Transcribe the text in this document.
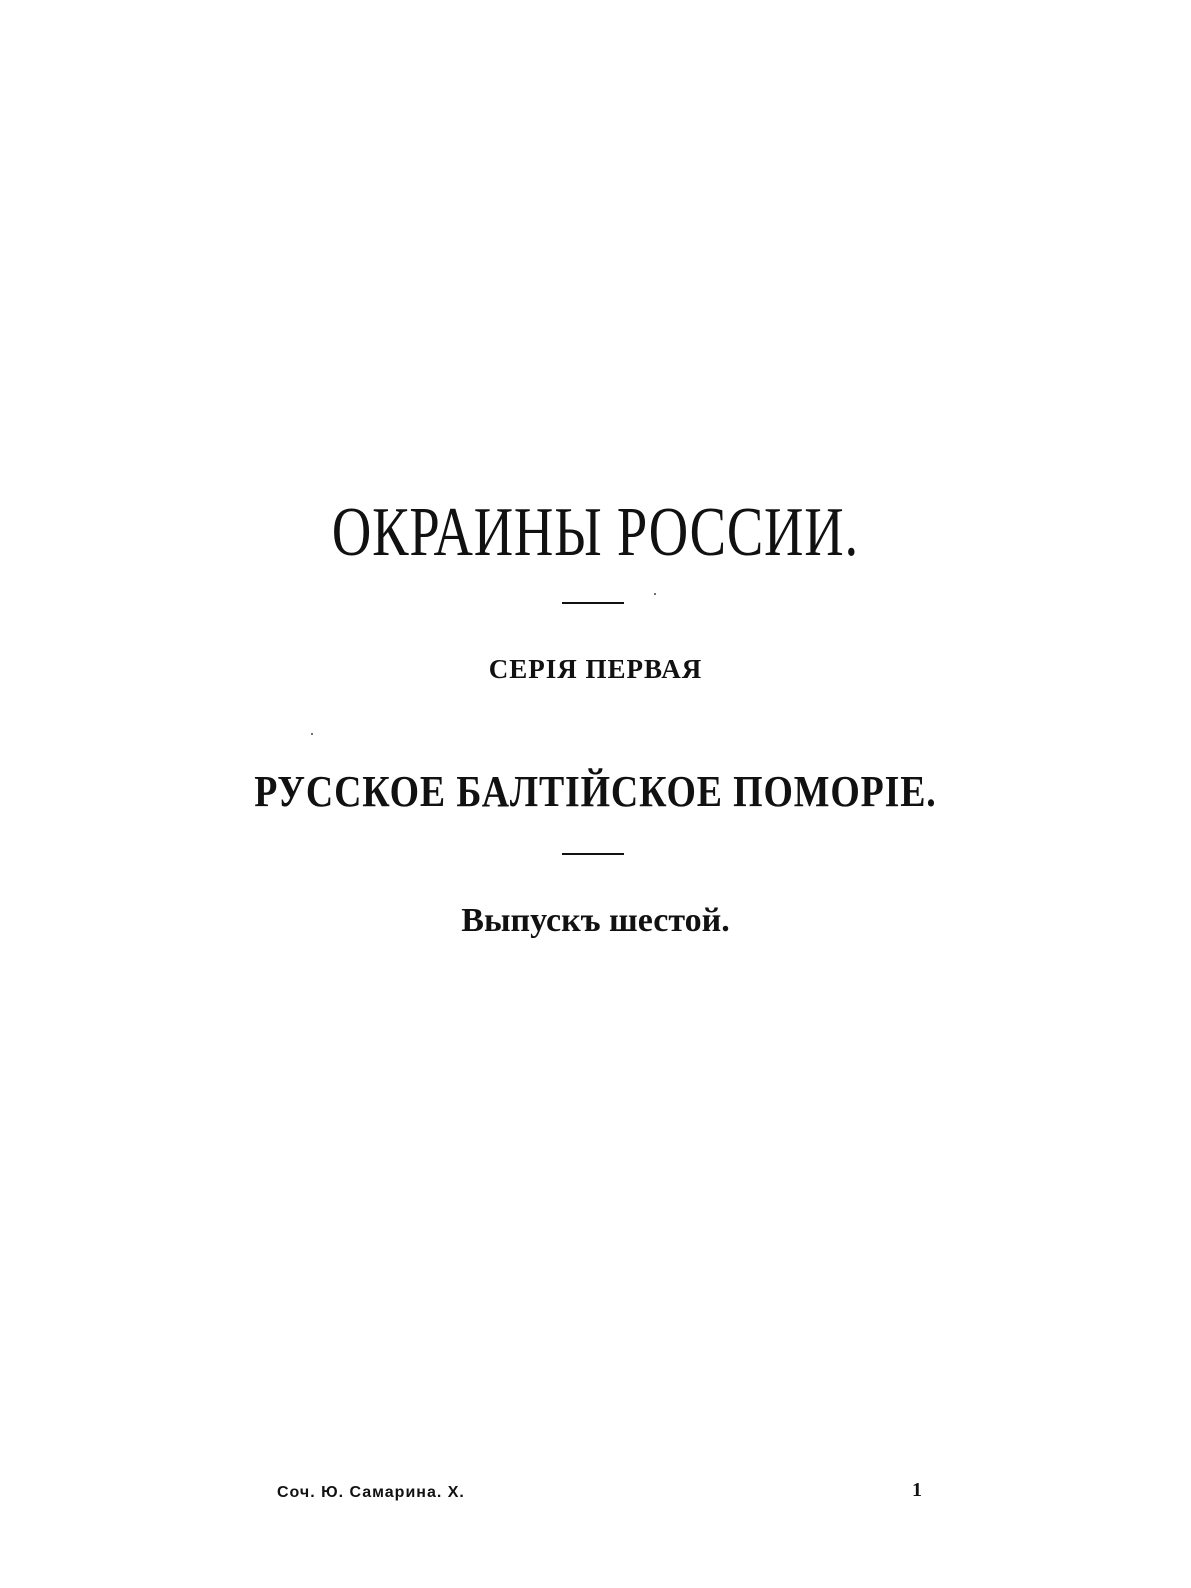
ОКРАИНЫ РОССИИ.
СЕРІЯ ПЕРВАЯ
РУССКОЕ БАЛТІЙСКОЕ ПОМОРІЕ.
Выпускъ шестой.
Соч. Ю. Самарина. X.	1
